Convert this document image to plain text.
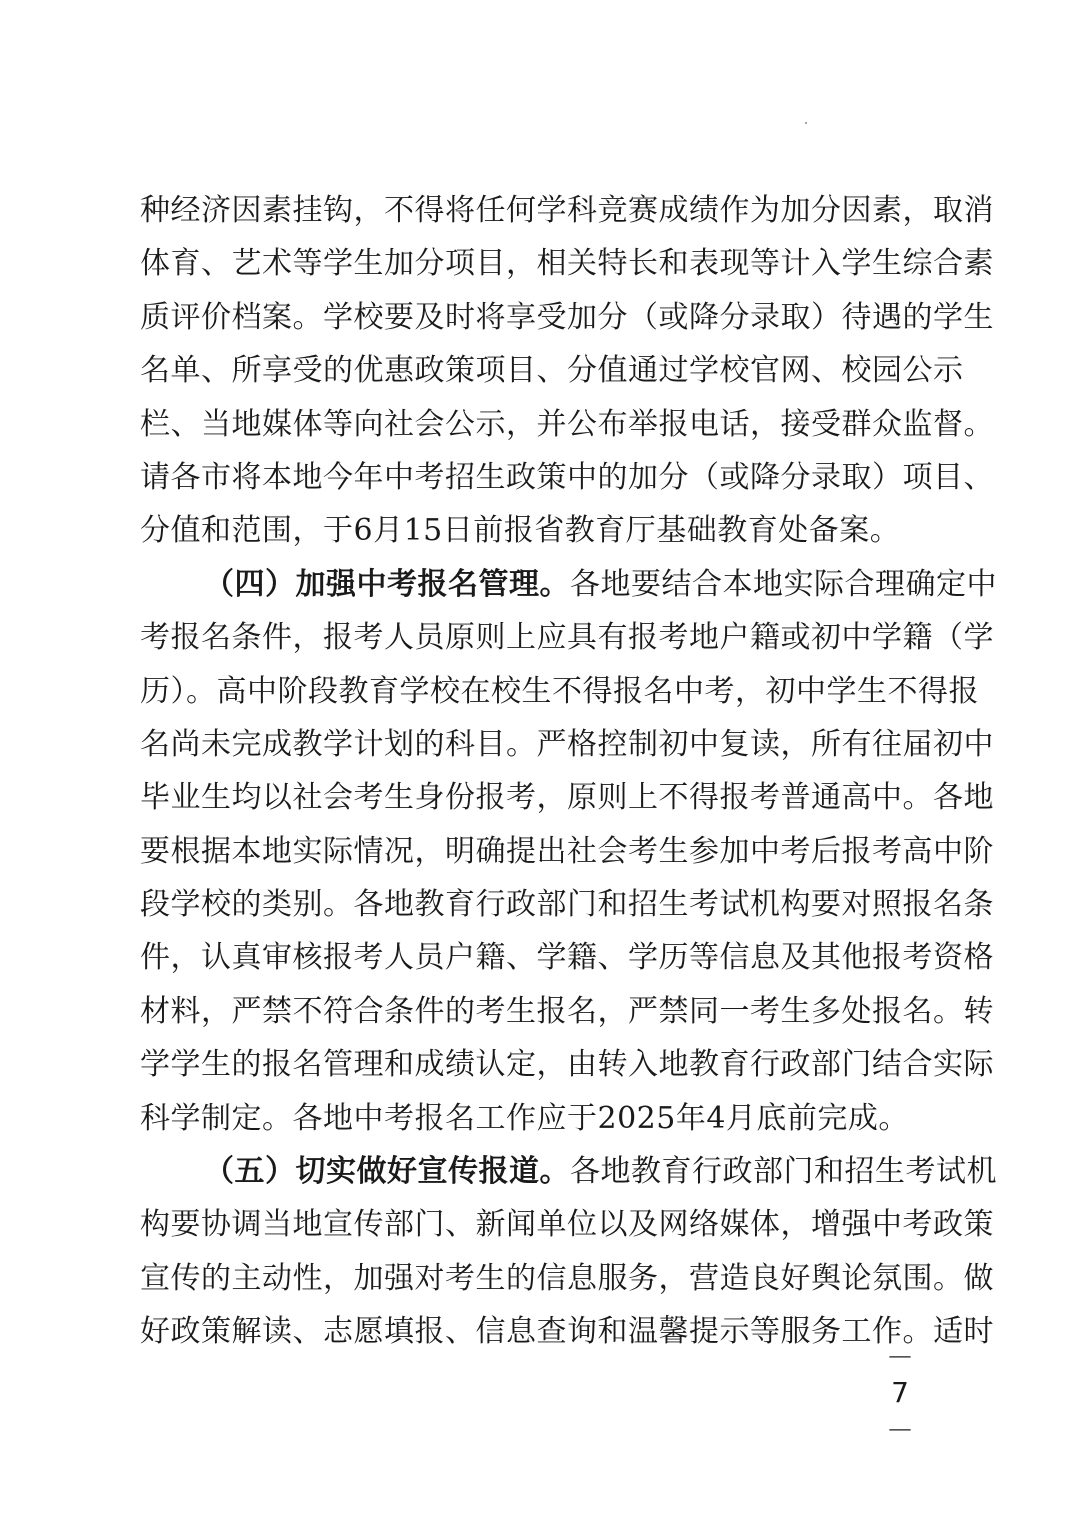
种经济因素挂钩，不得将任何学科竞赛成绩作为加分因素，取消
体育、艺术等学生加分项目，相关特长和表现等计入学生综合素
质评价档案。学校要及时将享受加分（或降分录取）待遇的学生
名单、所享受的优惠政策项目、分值通过学校官网、校园公示
栏、当地媒体等向社会公示，并公布举报电话，接受群众监督。
请各市将本地今年中考招生政策中的加分（或降分录取）项目、
分值和范围，于6月15日前报省教育厅基础教育处备案。
（四）加强中考报名管理。各地要结合本地实际合理确定中
考报名条件，报考人员原则上应具有报考地户籍或初中学籍（学
历）。高中阶段教育学校在校生不得报名中考，初中学生不得报
名尚未完成教学计划的科目。严格控制初中复读，所有往届初中
毕业生均以社会考生身份报考，原则上不得报考普通高中。各地
要根据本地实际情况，明确提出社会考生参加中考后报考高中阶
段学校的类别。各地教育行政部门和招生考试机构要对照报名条
件，认真审核报考人员户籍、学籍、学历等信息及其他报考资格
材料，严禁不符合条件的考生报名，严禁同一考生多处报名。转
学学生的报名管理和成绩认定，由转入地教育行政部门结合实际
科学制定。各地中考报名工作应于2025年4月底前完成。
（五）切实做好宣传报道。各地教育行政部门和招生考试机
构要协调当地宣传部门、新闻单位以及网络媒体，增强中考政策
宣传的主动性，加强对考生的信息服务，营造良好舆论氛围。做
好政策解读、志愿填报、信息查询和温馨提示等服务工作。适时
－ 7 －
